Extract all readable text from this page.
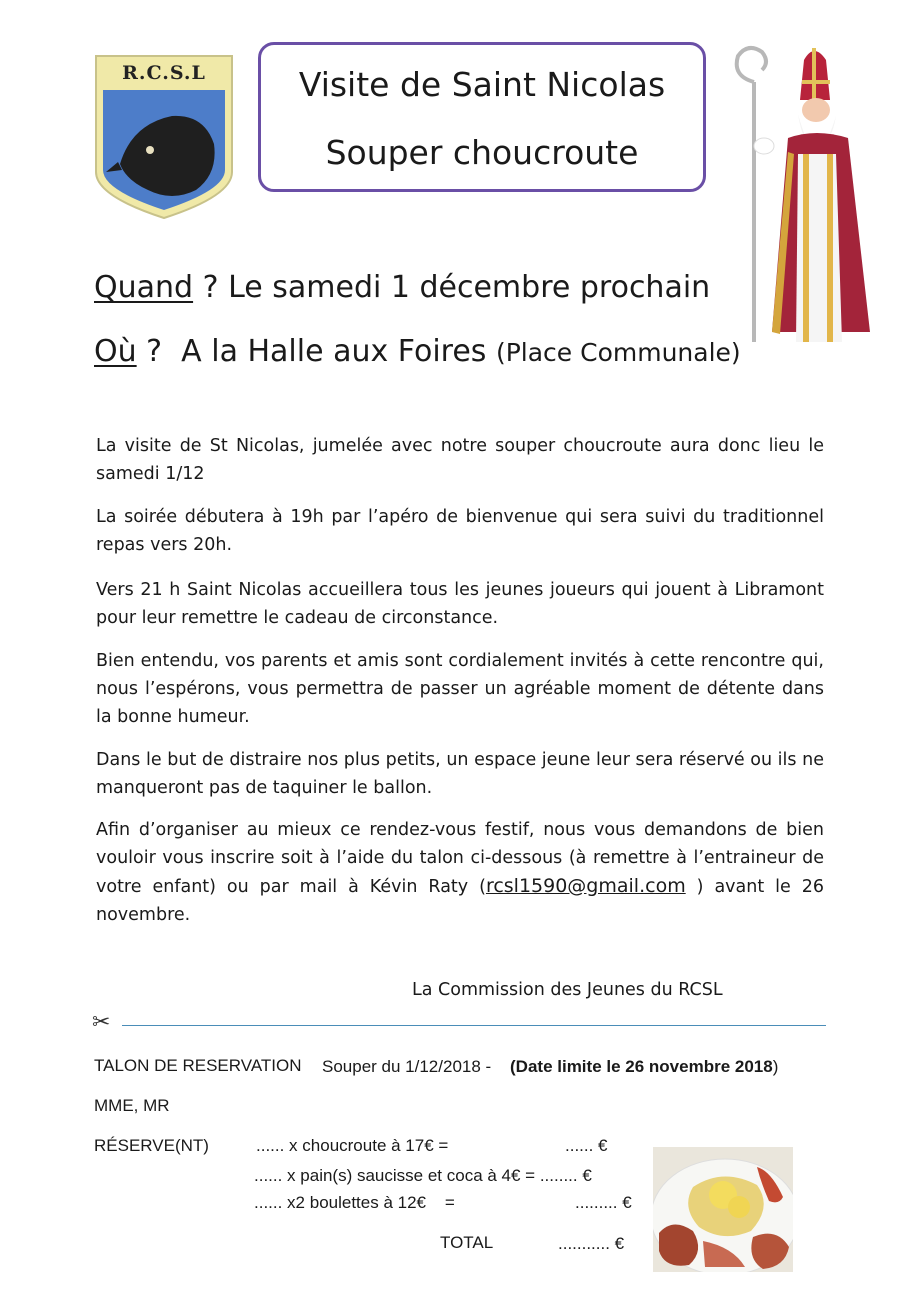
R.C.S.L	Visite de Saint Nicolas
Souper choucroute
Quand ? Le samedi 1 décembre prochain
Où ?  A la Halle aux Foires (Place Communale)

La visite de St Nicolas, jumelée avec notre souper choucroute aura donc lieu le samedi 1/12

La soirée débutera à 19h par l’apéro de bienvenue qui sera suivi du traditionnel repas vers 20h.

Vers 21 h Saint Nicolas accueillera tous les jeunes joueurs qui jouent à Libramont pour leur remettre le cadeau de circonstance.

Bien entendu, vos parents et amis sont cordialement invités à cette rencontre qui, nous l’espérons, vous permettra de passer un agréable moment de détente dans la bonne humeur.

Dans le but de distraire nos plus petits, un espace jeune leur sera réservé ou ils ne manqueront pas de taquiner le ballon.

Afin d’organiser au mieux ce rendez-vous festif, nous vous demandons de bien vouloir vous inscrire soit à l’aide du talon ci-dessous (à remettre à l’entraineur de votre enfant) ou par mail à Kévin Raty (rcsl1590@gmail.com ) avant le 26 novembre.

La Commission des Jeunes du RCSL
✂
TALON DE RESERVATION Souper du 1/12/2018 - (Date limite le 26 novembre 2018)
MME, MR
RÉSERVE(NT)	...... x choucroute à 17€ =	...... €
...... x pain(s) saucisse et coca à 4€ = ........ €
...... x2 boulettes à 12€    =	......... €
TOTAL	........... €
